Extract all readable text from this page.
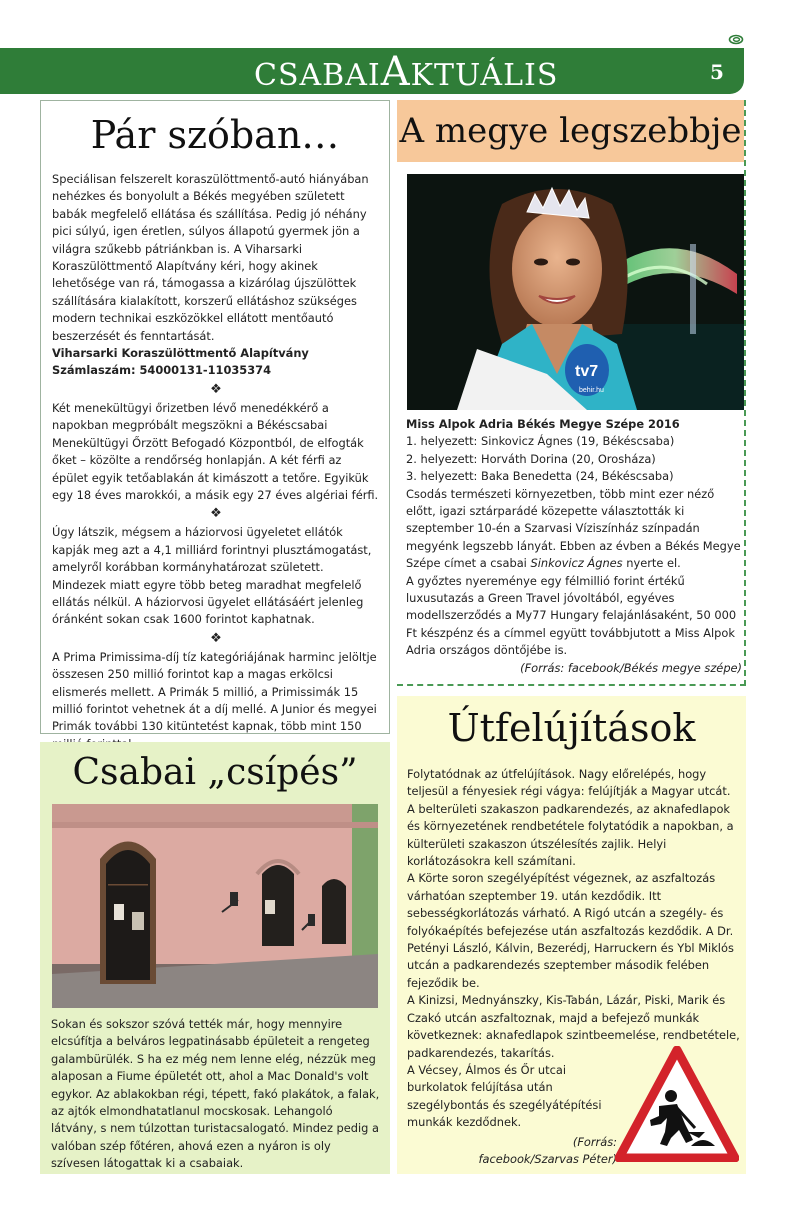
CSABAIAKTUÁLIS	5
Pár szóban…

Speciálisan felszerelt koraszülöttmentő-autó hiányában nehézkes és bonyolult a Békés megyében született babák megfelelő ellátása és szállítása. Pedig jó néhány pici súlyú, igen éretlen, súlyos állapotú gyermek jön a világra szűkebb pátriánkban is. A Viharsarki Koraszülöttmentő Alapítvány kéri, hogy akinek lehetősége van rá, támogassa a kizárólag újszülöttek szállítására kialakított, korszerű ellátáshoz szükséges modern technikai eszközökkel ellátott mentőautó beszerzését és fenntartását.

Viharsarki Koraszülöttmentő Alapítvány

Számlaszám: 54000131-11035374

❖

Két menekültügyi őrizetben lévő menedékkérő a napokban megpróbált megszökni a Békéscsabai Menekültügyi Őrzött Befogadó Központból, de elfogták őket – közölte a rendőrség honlapján. A két férfi az épület egyik tetőablakán át kimászott a tetőre. Egyikük egy 18 éves marokkói, a másik egy 27 éves algériai férfi.

❖

Úgy látszik, mégsem a háziorvosi ügyeletet ellátók kapják meg azt a 4,1 milliárd forintnyi plusztámogatást, amelyről korábban kormányhatározat született. Mindezek miatt egyre több beteg maradhat megfelelő ellátás nélkül. A háziorvosi ügyelet ellátásáért jelenleg óránként sokan csak 1600 forintot kaphatnak.

❖

A Prima Primissima-díj tíz kategóriájának harminc jelöltje összesen 250 millió forintot kap a magas erkölcsi elismerés mellett. A Primák 5 millió, a Primissimák 15 millió forintot vehetnek át a díj mellé. A Junior és megyei Primák további 130 kitüntetést kapnak, több mint 150

A megye legszebbje
tv7
behir.hu

Miss Alpok Adria Békés Megye Szépe 2016

1. helyezett: Sinkovicz Ágnes (19, Békéscsaba)

2. helyezett: Horváth Dorina (20, Orosháza)

3. helyezett: Baka Benedetta (24, Békéscsaba)

Csodás természeti környezetben, több mint ezer néző előtt, igazi sztárparádé közepette választották ki szeptember 10-én a Szarvasi Víziszínház színpadán megyénk legszebb lányát. Ebben az évben a Békés Megye Szépe címet a csabai Sinkovicz Ágnes nyerte el.

A győztes nyereménye egy félmillió forint értékű luxusutazás a Green Travel jóvoltából, egyéves modellszerződés a My77 Hungary felajánlásaként, 50 000 Ft készpénz és a címmel együtt továbbjutott a Miss Alpok Adria országos döntőjébe is.

(Forrás: facebook/Békés megye szépe)

Csabai „csípés”

Sokan és sokszor szóvá tették már, hogy mennyire elcsúfítja a belváros legpatinásabb épületeit a rengeteg galambürülék. S ha ez még nem lenne elég, nézzük meg alaposan a Fiume épületét ott, ahol a Mac Donald's volt egykor. Az ablakokban régi, tépett, fakó plakátok, a falak, az ajtók elmondhatatlanul mocskosak. Lehangoló látvány, s nem túlzottan turistacsalogató. Mindez pedig a valóban szép főtéren, ahová ezen a nyáron is oly szívesen látogattak ki a csabaiak.

Útfelújítások

Folytatódnak az útfelújítások. Nagy előrelépés, hogy teljesül a fényesiek régi vágya: felújítják a Magyar utcát. A belterületi szakaszon padkarendezés, az aknafedlapok és környezetének rendbetétele folytatódik a napokban, a külterületi szakaszon útszélesítés zajlik. Helyi korlátozásokra kell számítani.

A Körte soron szegélyépítést végeznek, az aszfaltozás várhatóan szeptember 19. után kezdődik. Itt sebességkorlátozás várható. A Rigó utcán a szegély- és folyókaépítés befejezése után aszfaltozás kezdődik. A Dr. Petényi László, Kálvin, Bezerédj, Harruckern és Ybl Miklós utcán a padkarendezés szeptember második felében fejeződik be.

A Kinizsi, Mednyánszky, Kis-Tabán, Lázár, Piski, Marik és Czakó utcán aszfaltoznak, majd a befejező munkák következnek: aknafedlapok szintbeemelése, rendbetétele, padkarendezés, takarítás.

A Vécsey, Álmos és Őr utcai burkolatok felújítása után szegélybontás és szegélyátépítési munkák kezdődnek.

(Forrás:
facebook/Szarvas Péter)
